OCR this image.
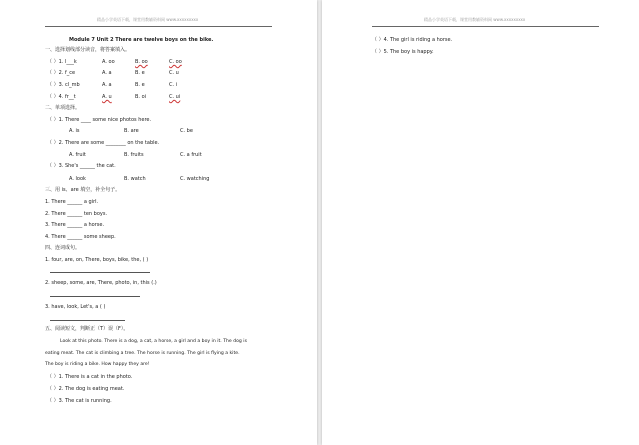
精品小学英语下载，课堂用教辅资料网 www.xxxxxxxxx
Module 7 Unit 2 There are twelve boys on the bike.
一、选择划线部分读音，将答案填入。
（ ）1. l___k	A. oo	B. oo	C. oo
（ ）2. f_ce	A. a	B. e	C. u
（ ）3. cl_mb	A. a	B. e	C. i
（ ）4. fr__t	A. u	B. oi	C. ui
二、单项选择。
（ ）1. There ____ some nice photos here.
A. is	B. are	C. be
（ ）2. There are some ________ on the table.
A. fruit	B. fruits	C. a fruit
（ ）3. She's ______ the cat.
A. look	B. watch	C. watching
三、用 is、are 填空，补全句子。
1. There ______ a girl.
2. There ______ ten boys.
3. There ______ a horse.
4. There ______ some sheep.
四、连词成句。
1. four, are, on, There, boys, bike, the, ( )
2. sheep, some, are, There, photo, in, this (.)
3. have, look, Let's, a ( )
五、阅读短文，判断正（T）误（F）。
Look at this photo. There is a dog, a cat, a horse, a girl and a boy in it. The dog is
eating meat. The cat is climbing a tree. The horse is running. The girl is flying a kite.
The boy is riding a bike. How happy they are!
（ ）1. There is a cat in the photo.
（ ）2. The dog is eating meat.
（ ）3. The cat is running.
精品小学英语下载，课堂用教辅资料网 www.xxxxxxxxx
（ ）4. The girl is riding a horse.
（ ）5. The boy is happy.
